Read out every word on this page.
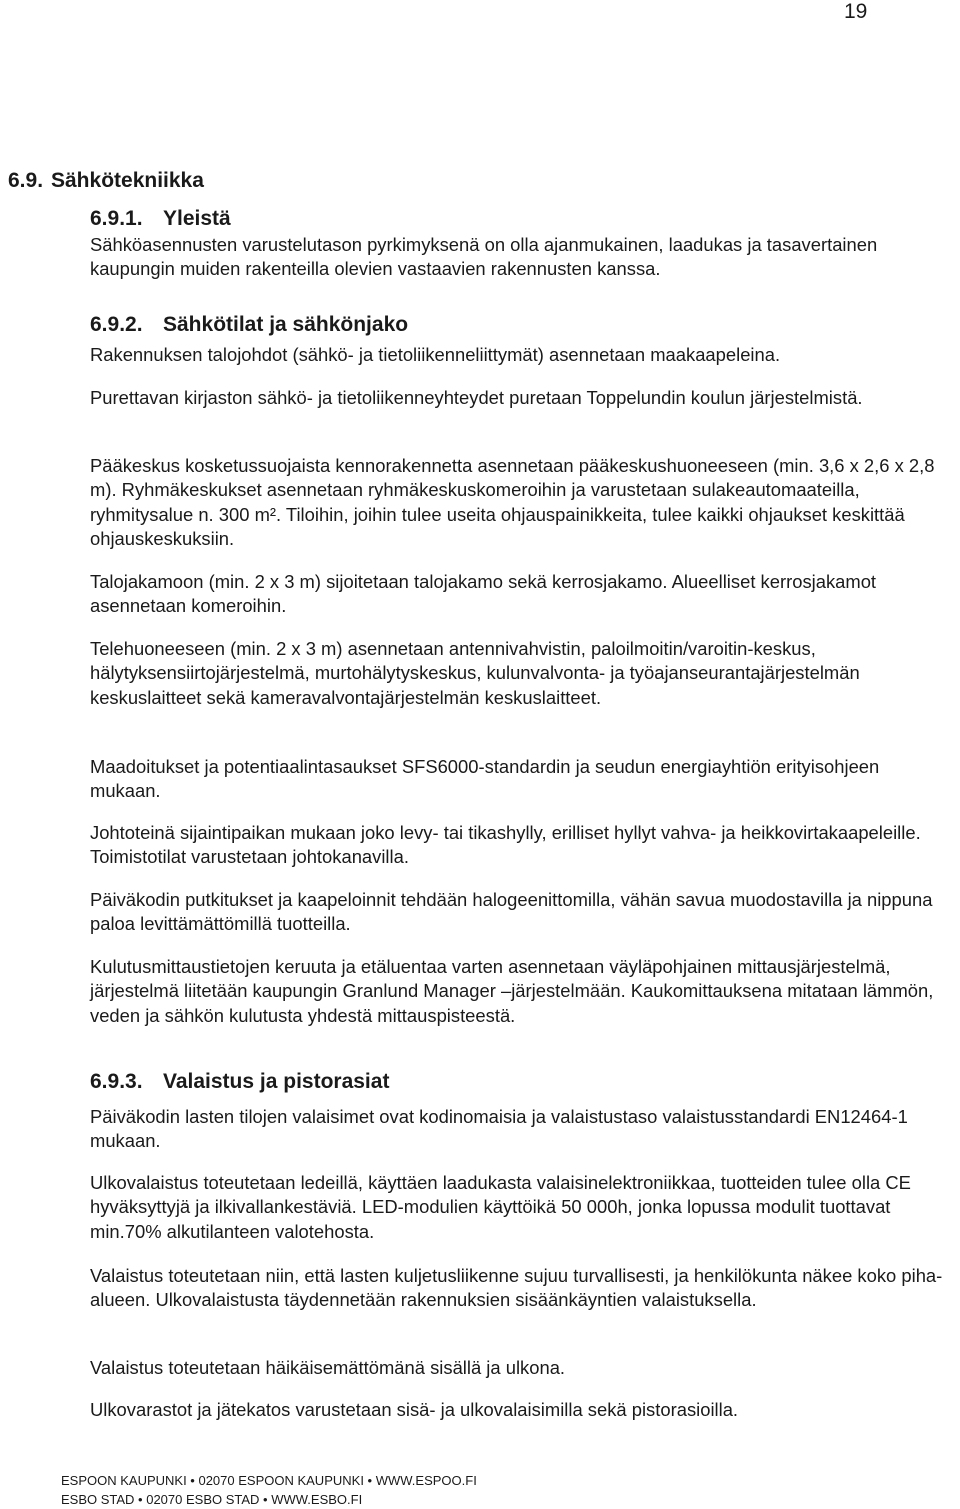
19
6.9. Sähkötekniikka
6.9.1. Yleistä

Sähköasennusten varustelutason pyrkimyksenä on olla ajanmukainen, laadukas ja tasavertainen kaupungin muiden rakenteilla olevien vastaavien rakennusten kanssa.

6.9.2. Sähkötilat ja sähkönjako

Rakennuksen talojohdot (sähkö- ja tietoliikenneliittymät) asennetaan maakaapeleina.

Purettavan kirjaston sähkö- ja tietoliikenneyhteydet puretaan Toppelundin koulun järjestelmistä.

Pääkeskus kosketussuojaista kennorakennetta asennetaan pääkeskushuoneeseen (min. 3,6 x 2,6 x 2,8 m). Ryhmäkeskukset asennetaan ryhmäkeskuskomeroihin ja varustetaan sulakeautomaateilla, ryhmitysalue n. 300 m². Tiloihin, joihin tulee useita ohjauspainikkeita, tulee kaikki ohjaukset keskittää ohjauskeskuksiin.

Talojakamoon (min. 2 x 3 m) sijoitetaan talojakamo sekä kerrosjakamo. Alueelliset kerrosjakamot asennetaan komeroihin.

Telehuoneeseen (min. 2 x 3 m) asennetaan antennivahvistin, paloilmoitin/varoitin-keskus, hälytyksensiirtojärjestelmä, murtohälytyskeskus, kulunvalvonta- ja työajanseurantajärjestelmän keskuslaitteet sekä kameravalvontajärjestelmän keskuslaitteet.

Maadoitukset ja potentiaalintasaukset SFS6000-standardin ja seudun energiayhtiön erityisohjeen mukaan.

Johtoteinä sijaintipaikan mukaan joko levy- tai tikashylly, erilliset hyllyt vahva- ja heikkovirtakaapeleille. Toimistotilat varustetaan johtokanavilla.

Päiväkodin putkitukset ja kaapeloinnit tehdään halogeenittomilla, vähän savua muodostavilla ja nippuna paloa levittämättömillä tuotteilla.

Kulutusmittaustietojen keruuta ja etäluentaa varten asennetaan väyläpohjainen mittausjärjestelmä, järjestelmä liitetään kaupungin Granlund Manager –järjestelmään. Kaukomittauksena mitataan lämmön, veden ja sähkön kulutusta yhdestä mittauspisteestä.

6.9.3. Valaistus ja pistorasiat

Päiväkodin lasten tilojen valaisimet ovat kodinomaisia ja valaistustaso valaistusstandardi EN12464-1 mukaan.

Ulkovalaistus toteutetaan ledeillä, käyttäen laadukasta valaisinelektroniikkaa, tuotteiden tulee olla CE hyväksyttyjä ja ilkivallankestäviä. LED-modulien käyttöikä 50 000h, jonka lopussa modulit tuottavat min.70% alkutilanteen valotehosta.

Valaistus toteutetaan niin, että lasten kuljetusliikenne sujuu turvallisesti, ja henkilökunta näkee koko piha-alueen. Ulkovalaistusta täydennetään rakennuksien sisäänkäyntien valaistuksella.

Valaistus toteutetaan häikäisemättömänä sisällä ja ulkona.

Ulkovarastot ja jätekatos varustetaan sisä- ja ulkovalaisimilla sekä pistorasioilla.

ESPOON KAUPUNKI • 02070 ESPOON KAUPUNKI • WWW.ESPOO.FI
ESBO STAD • 02070 ESBO STAD • WWW.ESBO.FI
